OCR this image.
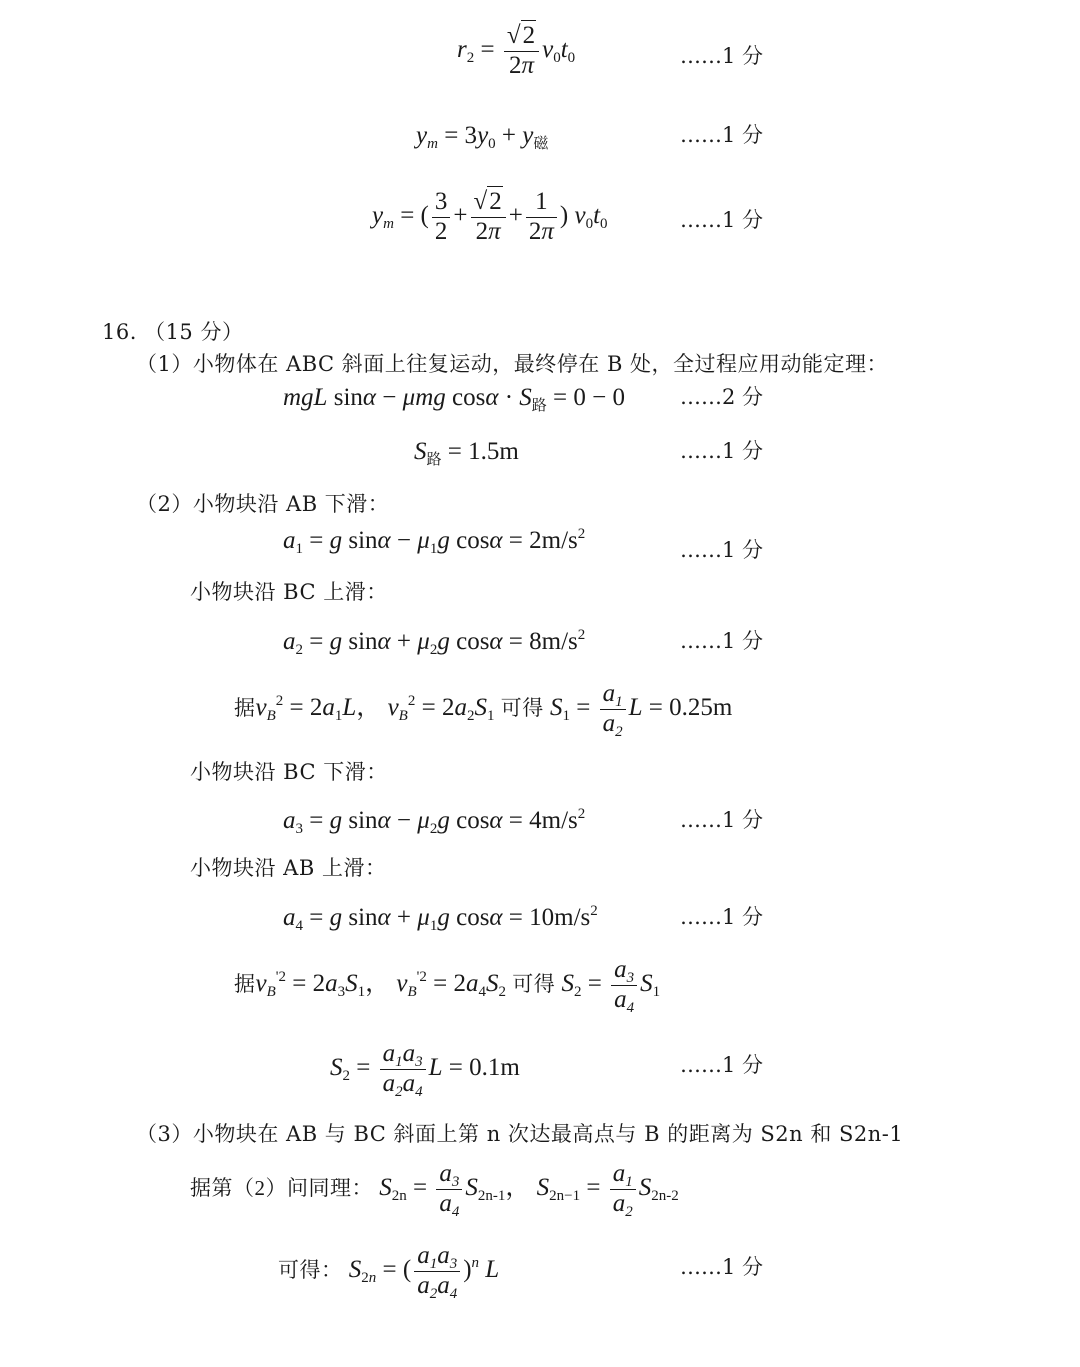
$r_2 = \frac{√2}{2\pi} v_0t_0$	……1 分
$y_m = 3y_0 + y_磁$	……1 分
$y_m$ = ( $\frac{3}{2} + \frac{√2}{2\pi} + \frac{1}{2\pi}$ ) $v_0t_0$	……1 分
16. （15 分）
（1）小物体在 ABC 斜面上往复运动，最终停在 B 处，全过程应用动能定理：
mgL sinα − μmg $\cos\alpha \cdot S_路 = 0 - 0$	……2 分
$S_路 = 1.5m$	……1 分
（2）小物块沿 AB 下滑：
$a_1 = g$ $\sin\alpha - \mu_1g$ $\cos\alpha = 2m/s^2$
……1 分
小物块沿 BC 上滑：
$a_2 = g$ $\sin\alpha + \mu_2g$ $\cos\alpha = 8m/s^2$	……1 分
据$v_B^2 = 2a_1L$， $v_B^2 = 2a_2S_1$ 可得 $S_1 = \frac{a_1}{a_2}$ L = 0.25m
小物块沿 BC 下滑：
$a_3 = g$ $\sin\alpha - \mu_2g$ $\cos\alpha = 4m/s^2$	……1 分
小物块沿 AB 上滑：
$a_4 = g$ $\sin\alpha + \mu_1g$ $\cos\alpha = 10m/s^2$	……1 分
据$v_B^{'2} = 2a_3S_1$， $v_B^{'2} = 2a_4S_2$ 可得 $S_2 = \frac{a_3}{a_4} S_1$
$S_2 = \frac{a_1a_3}{a_2a_4}$ L = 0.1m	……1 分
（3）小物块在 AB 与 BC 斜面上第 n 次达最高点与 B 的距离为 S2n 和 S2n-1
据第（2）问同理： $S_{2n} = \frac{a_3}{a_4} S_{2n-1}$， $S_{2n-1} = \frac{a_1}{a_2} S_{2n-2}$
可得： $S_{2n}$ = ( $\frac{a_1a_3}{a_2a_4} )^n$ L	……1 分
